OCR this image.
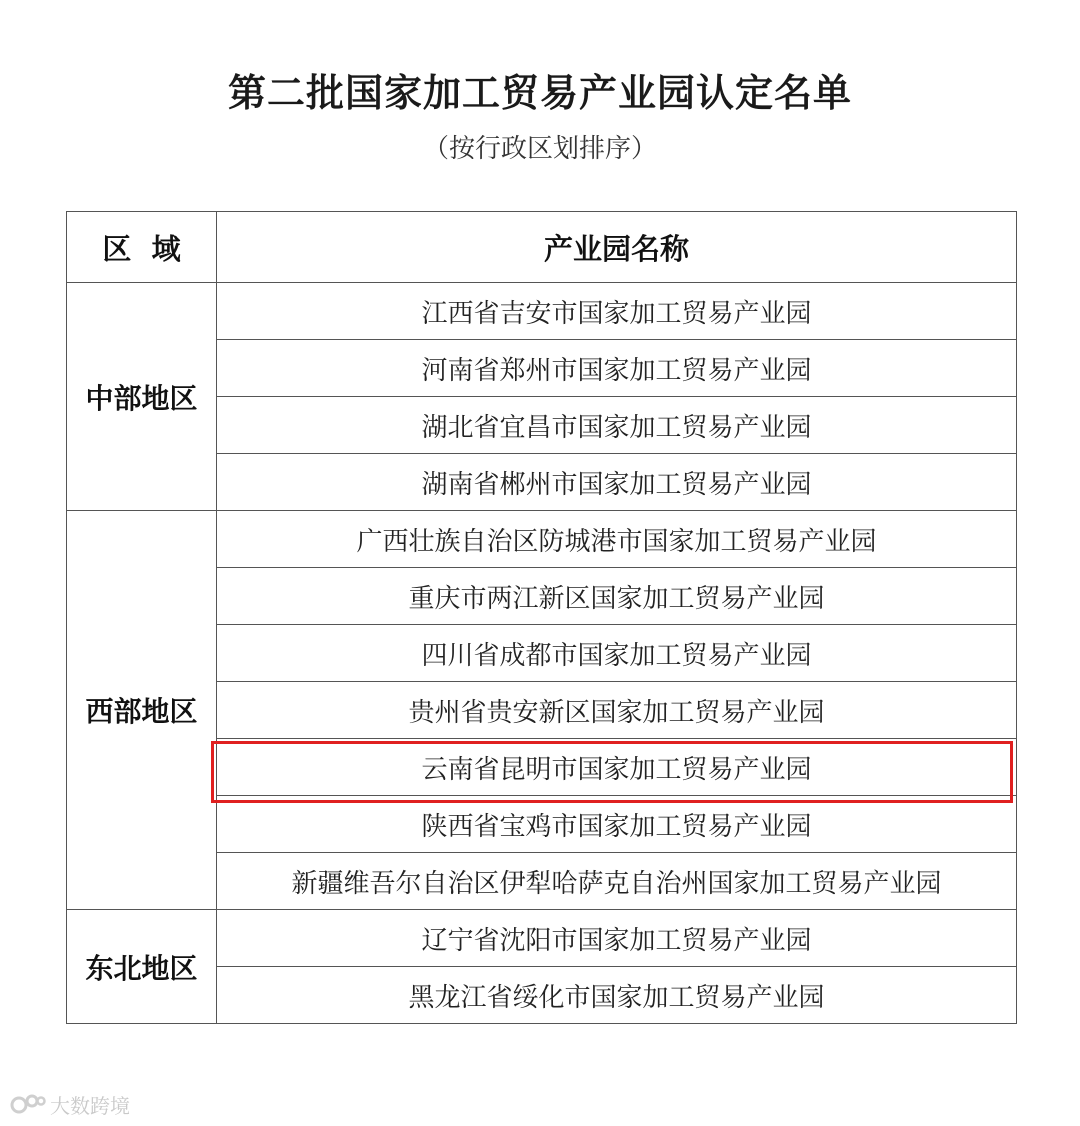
第二批国家加工贸易产业园认定名单
（按行政区划排序）
区  域	产业园名称
中部地区	江西省吉安市国家加工贸易产业园
	河南省郑州市国家加工贸易产业园
	湖北省宜昌市国家加工贸易产业园
	湖南省郴州市国家加工贸易产业园
西部地区	广西壮族自治区防城港市国家加工贸易产业园
	重庆市两江新区国家加工贸易产业园
	四川省成都市国家加工贸易产业园
	贵州省贵安新区国家加工贸易产业园
	云南省昆明市国家加工贸易产业园
	陕西省宝鸡市国家加工贸易产业园
	新疆维吾尔自治区伊犁哈萨克自治州国家加工贸易产业园
东北地区	辽宁省沈阳市国家加工贸易产业园
	黑龙江省绥化市国家加工贸易产业园
大数跨境
